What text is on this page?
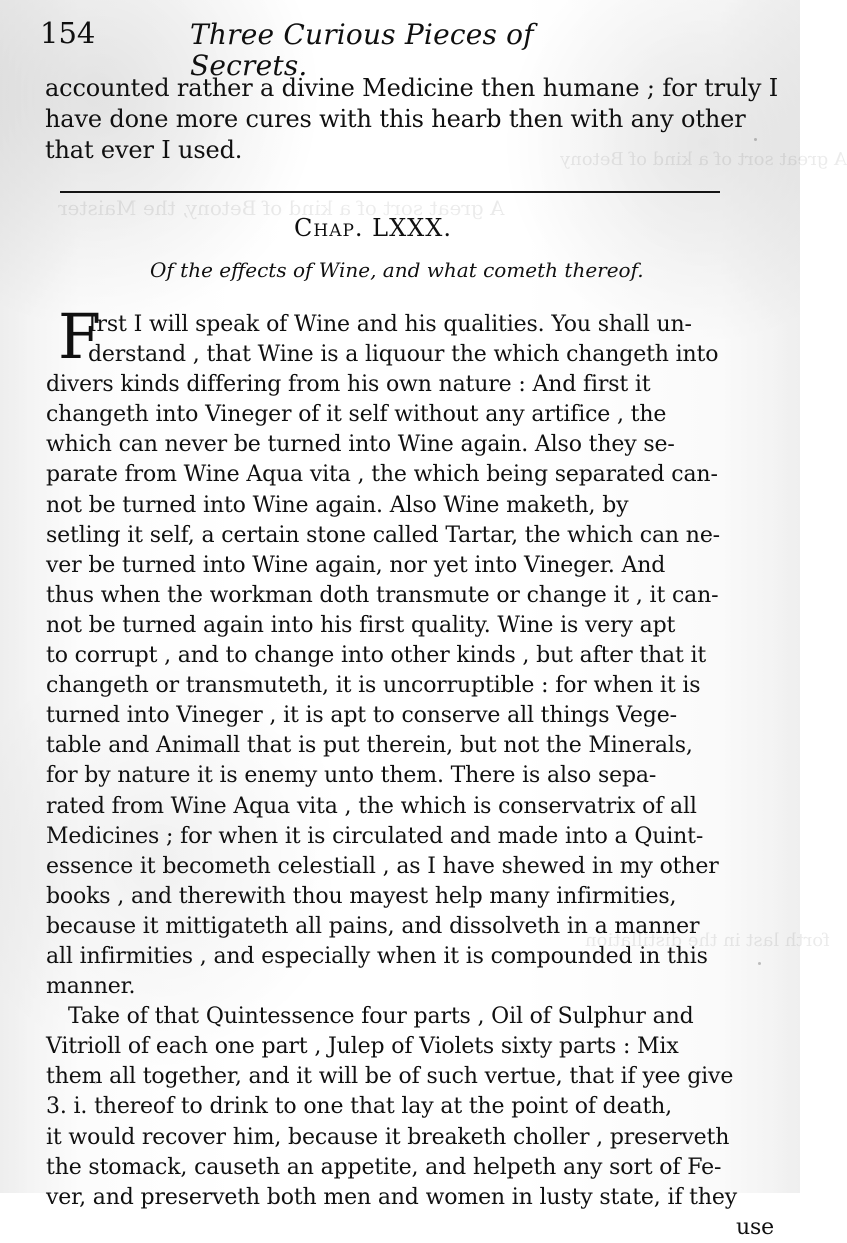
A great sort of a kind of Betony, the Maister
A great sort of a kind of Betony
forth last in the distillation
154	Three Curious Pieces of Secrets.
accounted rather a divine Medicine then humane ; for truly I
have done more cures with this hearb then with any other
that ever I used.
Chap. LXXX.
Of the effects of Wine, and what cometh thereof.
F
Irst I will speak of Wine and his qualities. You shall un-
derstand , that Wine is a liquour the which changeth into
divers kinds differing from his own nature : And first it
changeth into Vineger of it self without any artifice , the
which can never be turned into Wine again. Also they se-
parate from Wine Aqua vita , the which being separated can-
not be turned into Wine again. Also Wine maketh, by
setling it self, a certain stone called Tartar, the which can ne-
ver be turned into Wine again, nor yet into Vineger. And
thus when the workman doth transmute or change it , it can-
not be turned again into his first quality. Wine is very apt
to corrupt , and to change into other kinds , but after that it
changeth or transmuteth, it is uncorruptible : for when it is
turned into Vineger , it is apt to conserve all things Vege-
table and Animall that is put therein, but not the Minerals,
for by nature it is enemy unto them. There is also sepa-
rated from Wine Aqua vita , the which is conservatrix of all
Medicines ; for when it is circulated and made into a Quint-
essence it becometh celestiall , as I have shewed in my other
books , and therewith thou mayest help many infirmities,
because it mittigateth all pains, and dissolveth in a manner
all infirmities , and especially when it is compounded in this
manner.
Take of that Quintessence four parts , Oil of Sulphur and
Vitrioll of each one part , Julep of Violets sixty parts : Mix
them all together, and it will be of such vertue, that if yee give
3. i. thereof to drink to one that lay at the point of death,
it would recover him, because it breaketh choller , preserveth
the stomack, causeth an appetite, and helpeth any sort of Fe-
ver, and preserveth both men and women in lusty state, if they
use
